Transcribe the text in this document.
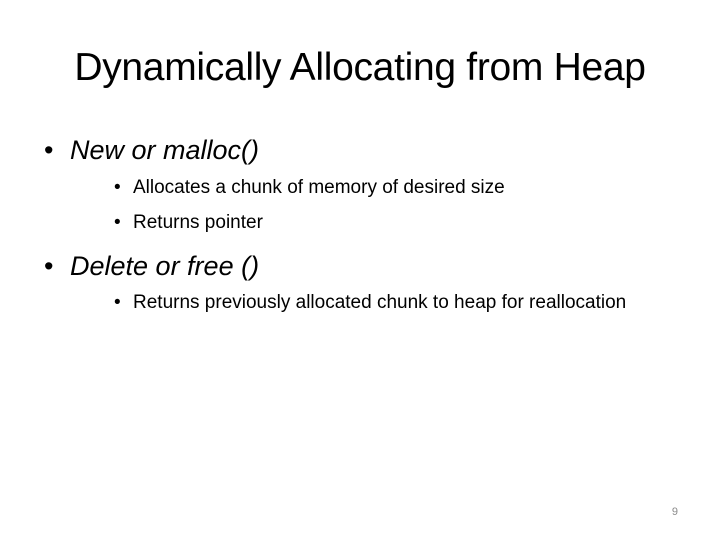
Dynamically Allocating from Heap
• New or malloc()
• Allocates a chunk of memory of desired size
• Returns pointer
• Delete or free ()
• Returns previously allocated chunk to heap for reallocation
9
